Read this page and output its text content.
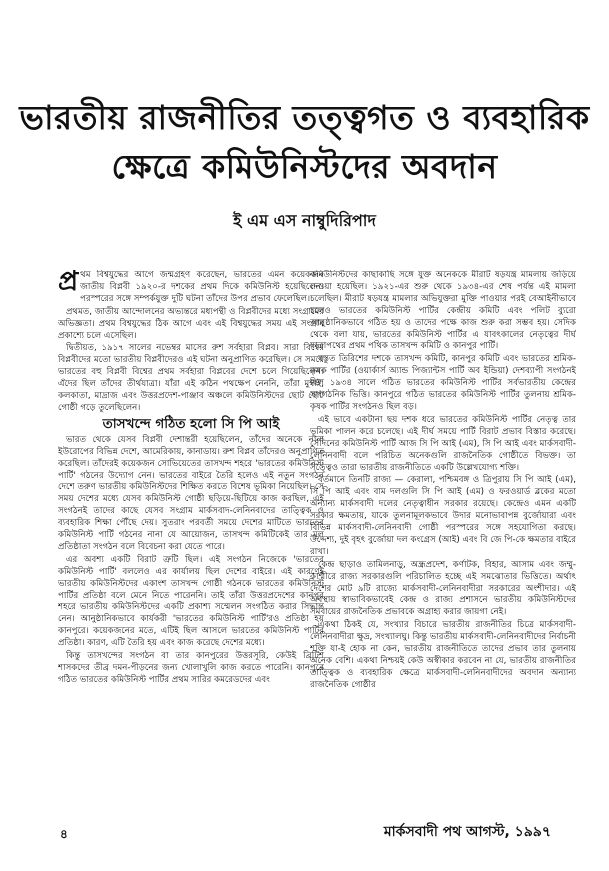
ভারতীয় রাজনীতির তত্ত্বগত ও ব্যবহারিক
ক্ষেত্রে কমিউনিস্টদের অবদান
ই এম এস নাম্বুদিরিপাদ

প্র থম বিশ্বযুদ্ধের আগে জন্মগ্রহণ করেছেন, ভারতের এমন কয়েকজন জাতীয় বিপ্লবী ১৯২০-র দশকের প্রথম দিকে কমিউনিস্ট হয়েছিলেন। পরস্পরের সঙ্গে সম্পর্কযুক্ত দুটি ঘটনা তাঁদের উপর প্রভাব ফেলেছিল।

প্রথমত, জাতীয় আন্দোলনের অভ্যন্তরে মধ্যপন্থী ও বিপ্লবীদের মধ্যে সংগ্রামের অভিজ্ঞতা। প্রথম বিশ্বযুদ্ধের ঠিক আগে এবং এই বিশ্বযুদ্ধের সময় এই সংগ্রাম প্রকাশ্যে চলে এসেছিল।

দ্বিতীয়ত, ১৯১৭ সালের নভেম্বর মাসের রুশ সর্বহারা বিপ্লব। সারা বিশ্বের বিপ্লবীদের মতো ভারতীয় বিপ্লবীদেরও এই ঘটনা অনুপ্রাণিত করেছিল। সে সময়ে ভারতের বহু বিপ্লবী বিশ্বের প্রথম সর্বহারা বিপ্লবের দেশে চলে গিয়েছিলেন। এঁদের ছিল তাঁদের তীর্থযাত্রা। যাঁরা এই কঠিন পথক্ষেপ নেননি, তাঁরা মুম্বাই, কলকাতা, মাদ্রাজ এবং উত্তরপ্রদেশ-পাঞ্জাব অঞ্চলে কমিউনিস্টদের ছোট ছোট গোষ্ঠী গড়ে তুলেছিলেন।

তাসখন্দে গঠিত হলো সি পি আই

ভারত থেকে যেসব বিপ্লবী দেশান্তরী হয়েছিলেন, তাঁদের অনেকে নানা ইউরোপের বিভিন্ন দেশে, আমেরিকায়, কানাডায়। রুশ বিপ্লব তাঁদেরও অনুপ্রাণিত করেছিল। তাঁদেরই কয়েকজন সোভিয়েতের তাসখন্দ শহরে 'ভারতের কমিউনিস্ট পার্টি' গঠনের উদ্যোগ নেন। ভারতের বাইরে তৈরি হলেও এই নতুন সংগঠন দেশে তরুণ ভারতীয় কমিউনিস্টদের শিক্ষিত করতে বিশেষ ভূমিকা নিয়েছিল। সে সময় দেশের মধ্যে যেসব কমিউনিস্ট গোষ্ঠী ছড়িয়ে-ছিটিয়ে কাজ করছিল, এই সংগঠনই তাদের কাছে যেসব সংগ্রাম মার্কসবাদ-লেনিনবাদের তাত্ত্বিক ও ব্যবহারিক শিক্ষা পৌঁছে দেয়। সুতরাং পরবর্তী সময়ে দেশের মাটিতে ভারতের কমিউনিস্ট পার্টি গঠনের নানা যে আয়োজন, তাসখন্দ কমিটিকেই তার মূল প্রতিষ্ঠাতা সংগঠন বলে বিবেচনা করা যেতে পারে।

এর অবশ্য একটি বিরাট ত্রুটি ছিল। এই সংগঠন নিজেকে 'ভারতের কমিউনিস্ট পার্টি' বললেও এর কার্যালয় ছিল দেশের বাইরে। এই কারণেই ভারতীয় কমিউনিস্টদের একাংশ তাসখন্দ গোষ্ঠী গঠনকে ভারতের কমিউনিস্ট পার্টির প্রতিষ্ঠা বলে মেনে নিতে পারেননি। তাই তাঁরা উত্তরপ্রদেশের কানপুর শহরে ভারতীয় কমিউনিস্টদের একটি প্রকাশ্য সম্মেলন সংগঠিত করার সিদ্ধান্ত নেন। আনুষ্ঠানিকভাবে কার্যকরী 'ভারতের কমিউনিস্ট পার্টি'রও প্রতিষ্ঠা হয় কানপুরে। কয়েকজনের মতে, এটিই ছিল আসলে ভারতের কমিউনিস্ট পার্টির প্রতিষ্ঠা। কারণ, এটি তৈরি হয় এবং কাজ করেছে দেশের মধ্যে।

কিন্তু তাসখন্দের সংগঠন বা তার কানপুরের উত্তরসূরি, কেউই ব্রিটিশ শাসকদের তীব্র দমন-পীড়নের জন্য খোলাখুলি কাজ করতে পারেনি। কানপুরে গঠিত ভারতের কমিউনিস্ট পার্টির প্রথম সারির কমরেডদের এবং

কমিউনিস্টদের কাছাকাছি সঙ্গে যুক্ত অনেককে মীরাট ষড়যন্ত্র মামলায় জড়িয়ে দেওয়া হয়েছিল। ১৯২১-এর শুরু থেকে ১৯৩৪-এর শেষ পর্যন্ত এই মামলা চলেছিল। মীরাট ষড়যন্ত্র মামলার অভিযুক্তরা মুক্তি পাওয়ার পরই বেআইনীভাবে চলেও ভারতের কমিউনিস্ট পার্টির কেন্দ্রীয় কমিটি এবং পলিট ব্যুরো আনুষ্ঠানিকভাবে গঠিত হয় ও তাদের পক্ষে কাজ শুরু করা সম্ভব হয়। সেদিক থেকে বলা যায়, ভারতের কমিউনিস্ট পার্টির এ যাবৎকালের নেতৃত্বের দীর্ঘ যাত্রাপথের প্রথম পথিক তাসখন্দ কমিটি ও কানপুর পার্টি।

বস্তুত তিরিশের দশকে তাসখন্দ কমিটি, কানপুর কমিটি এবং ভারতের শ্রমিক-কৃষক পার্টির (ওয়ার্কার্স অ্যান্ড পিজ্যান্টস পার্টি অব ইন্ডিয়া) দেশব্যাপী সংগঠনই ছিল ১৯৩৪ সালে গঠিত ভারতের কমিউনিস্ট পার্টির সর্বভারতীয় কেন্দ্রের সাংগঠনিক ভিত্তি। কানপুরে গঠিত ভারতের কমিউনিস্ট পার্টির তুলনায় শ্রমিক-কৃষক পার্টির সংগঠনও ছিল বড়।

এই ভাবে একটানা ছয় দশক ধরে ভারতের কমিউনিস্ট পার্টির নেতৃত্ব তার ভূমিকা পালন করে চলেছে। এই দীর্ঘ সময়ে পার্টি বিরাট প্রভাব বিস্তার করেছে। সেদিনের কমিউনিস্ট পার্টি আজ সি পি আই (এম), সি পি আই এবং মার্কসবাদী-লেনিনবাদী বলে পরিচিত অনেকগুলি রাজনৈতিক গোষ্ঠীতে বিভক্ত। তা সত্ত্বেও তারা ভারতীয় রাজনীতিতে একটি উল্লেখযোগ্য শক্তি।

বর্তমানে তিনটি রাজ্য — কেরালা, পশ্চিমবঙ্গ ও ত্রিপুরায় সি পি আই (এম), সি পি আই এবং বাম দলগুলি সি পি আই (এম) ও ফরওয়ার্ড ব্লকের মতো অন্যান্য মার্কসবাদী দলের নেতৃত্বাধীন সরকার রয়েছে। কেন্দ্রেও এমন একটি সরকার ক্ষমতায়, যাকে তুলনামূলকভাবে উদার মনোভাবাপন্ন বুর্জোয়ারা এবং বিভিন্ন মার্কসবাদী-লেনিনবাদী গোষ্ঠী পরস্পরের সঙ্গে সহযোগিতা করছে। উদ্দেশ্য, দুই বৃহৎ বুর্জোয়া দল কংগ্রেস (আই) এবং বি জে পি-কে ক্ষমতার বাইরে রাখা।

কেন্দ্র ছাড়াও তামিলনাড়ু, অন্ধ্রপ্রদেশ, কর্ণাটক, বিহার, আসাম এবং জম্মু-কাশ্মীরে রাজ্য সরকারগুলি পরিচালিত হচ্ছে এই সমঝোতার ভিত্তিতে। অর্থাৎ দেশের মোট ৯টি রাজ্যে মার্কসবাদী-লেনিনবাদীরা সরকারের অংশীদার। এই অবস্থায় স্বাভাবিকভাবেই কেন্দ্র ও রাজ্য প্রশাসনে ভারতীয় কমিউনিস্টদের সমবায়ের রাজনৈতিক প্রভাবকে অগ্রাহ্য করার জায়গা নেই।

একথা ঠিকই যে, সংখ্যার বিচারে ভারতীয় রাজনীতির চিত্রে মার্কসবাদী-লেনিনবাদীরা ক্ষুদ্র, সংখ্যালঘু। কিন্তু ভারতীয় মার্কসবাদী-লেনিনবাদীদের নির্বাচনী শক্তি যা-ই হোক না কেন, ভারতীয় রাজনীতিতে তাদের প্রভাব তার তুলনায় অনেক বেশি। একথা নিশ্চয়ই কেউ অস্বীকার করবেন না যে, ভারতীয় রাজনীতির তাত্ত্বিক ও ব্যবহারিক ক্ষেত্রে মার্কসবাদী-লেনিনবাদীদের অবদান অন্যান্য রাজনৈতিক গোষ্ঠীর

৪	মার্কসবাদী পথ আগস্ট, ১৯৯৭
